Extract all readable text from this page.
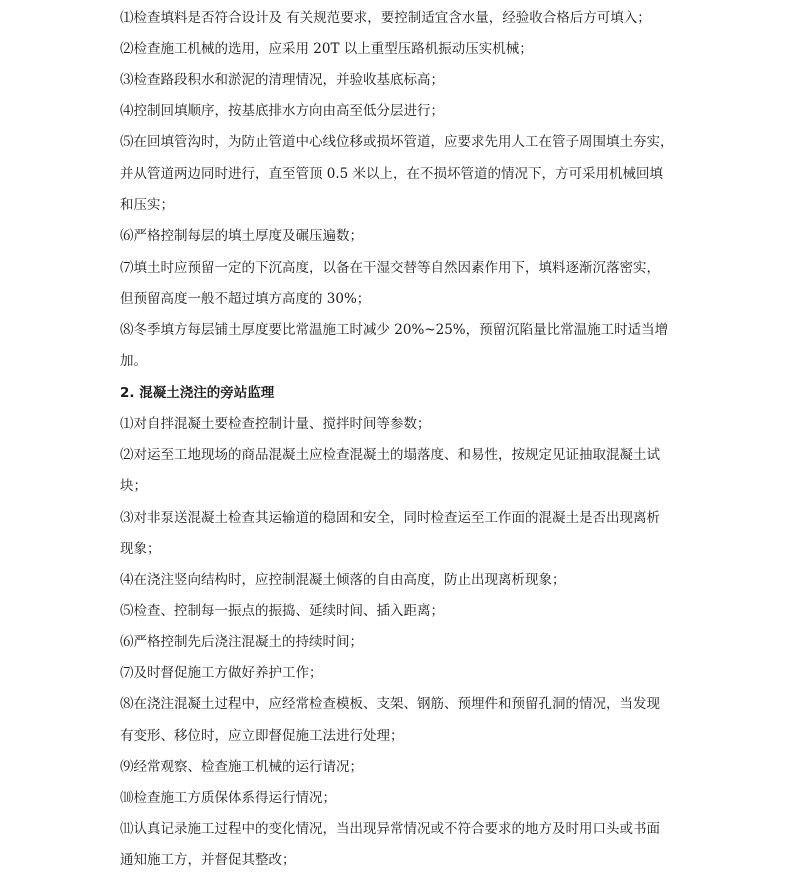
⑴检查填料是否符合设计及 有关规范要求，要控制适宜含水量，经验收合格后方可填入；
⑵检查施工机械的选用，应采用 20T 以上重型压路机振动压实机械；
⑶检查路段积水和淤泥的清理情况，并验收基底标高；
⑷控制回填顺序，按基底排水方向由高至低分层进行；
⑸在回填管沟时，为防止管道中心线位移或损坏管道，应要求先用人工在管子周围填土夯实，
并从管道两边同时进行，直至管顶 0.5 米以上，在不损坏管道的情况下，方可采用机械回填
和压实；
⑹严格控制每层的填土厚度及碾压遍数；
⑺填土时应预留一定的下沉高度，以备在干湿交替等自然因素作用下，填料逐渐沉落密实，
但预留高度一般不超过填方高度的 30%；
⑻冬季填方每层铺土厚度要比常温施工时减少 20%~25%，预留沉陷量比常温施工时适当增
加。
2. 混凝土浇注的旁站监理
⑴对自拌混凝土要检查控制计量、搅拌时间等参数；
⑵对运至工地现场的商品混凝土应检查混凝土的塌落度、和易性，按规定见证抽取混凝土试
块；
⑶对非泵送混凝土检查其运输道的稳固和安全，同时检查运至工作面的混凝土是否出现离析
现象；
⑷在浇注竖向结构时，应控制混凝土倾落的自由高度，防止出现离析现象；
⑸检查、控制每一振点的振捣、延续时间、插入距离；
⑹严格控制先后浇注混凝土的持续时间；
⑺及时督促施工方做好养护工作；
⑻在浇注混凝土过程中，应经常检查模板、支架、钢筋、预埋件和预留孔洞的情况，当发现
有变形、移位时，应立即督促施工法进行处理；
⑼经常观察、检查施工机械的运行请况；
⑽检查施工方质保体系得运行情况；
⑾认真记录施工过程中的变化情况，当出现异常情况或不符合要求的地方及时用口头或书面
通知施工方，并督促其整改；
